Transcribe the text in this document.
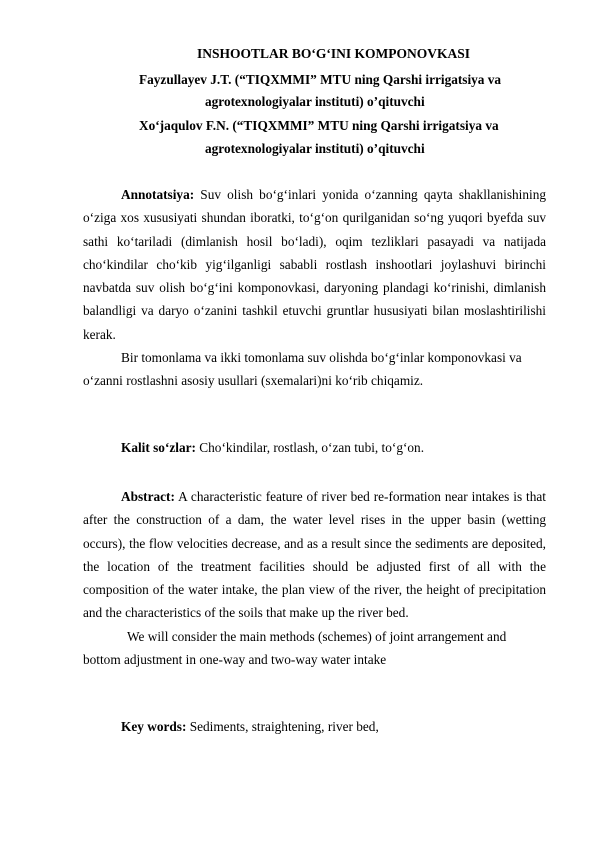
INSHOOTLAR BO‘G‘INI KOMPONOVKASI
Fayzullayev J.T. (“TIQXMMI” MTU ning Qarshi irrigatsiya va
agrotexnologiyalar instituti) o’qituvchi
Xo‘jaqulov F.N. (“TIQXMMI” MTU ning Qarshi irrigatsiya va
agrotexnologiyalar instituti) o’qituvchi

Annotatsiya: Suv olish bo‘g‘inlari yonida o‘zanning qayta shakllanishining o‘ziga xos xususiyati shundan iboratki, to‘g‘on qurilganidan so‘ng yuqori byefda suv sathi ko‘tariladi (dimlanish hosil bo‘ladi), oqim tezliklari pasayadi va natijada cho‘kindilar cho‘kib yig‘ilganligi sababli rostlash inshootlari joylashuvi birinchi navbatda suv olish bo‘g‘ini komponovkasi, daryoning plandagi ko‘rinishi, dimlanish balandligi va daryo o‘zanini tashkil etuvchi gruntlar hususiyati bilan moslashtirilishi kerak.

Bir tomonlama va ikki tomonlama suv olishda bo‘g‘inlar komponovkasi va o‘zanni rostlashni asosiy usullari (sxemalari)ni ko‘rib chiqamiz.

Kalit so‘zlar: Cho‘kindilar, rostlash, o‘zan tubi, to‘g‘on.

Abstract: A characteristic feature of river bed re-formation near intakes is that after the construction of a dam, the water level rises in the upper basin (wetting occurs), the flow velocities decrease, and as a result since the sediments are deposited, the location of the treatment facilities should be adjusted first of all with the composition of the water intake, the plan view of the river, the height of precipitation and the characteristics of the soils that make up the river bed.

We will consider the main methods (schemes) of joint arrangement and bottom adjustment in one-way and two-way water intake

Key words: Sediments, straightening, river bed,
